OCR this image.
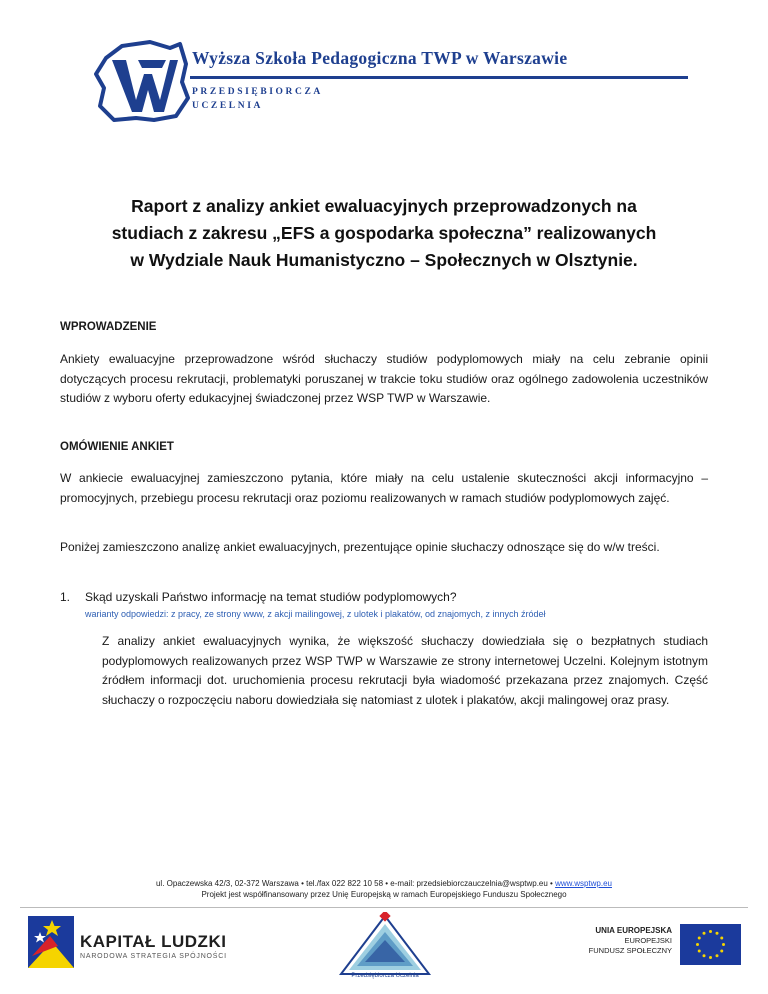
Wyższa Szkoła Pedagogiczna TWP w Warszawie
PRZEDSIĘBIORCZA
UCZELNIA
Raport z analizy ankiet ewaluacyjnych przeprowadzonych na
studiach z zakresu „EFS a gospodarka społeczna” realizowanych
w Wydziale Nauk Humanistyczno – Społecznych w Olsztynie.

WPROWADZENIE

Ankiety ewaluacyjne przeprowadzone wśród słuchaczy studiów podyplomowych miały na celu zebranie opinii dotyczących procesu rekrutacji, problematyki poruszanej w trakcie toku studiów oraz ogólnego zadowolenia uczestników studiów z wyboru oferty edukacyjnej świadczonej przez WSP TWP w Warszawie.

OMÓWIENIE ANKIET

W ankiecie ewaluacyjnej zamieszczono pytania, które miały na celu ustalenie skuteczności akcji informacyjno – promocyjnych, przebiegu procesu rekrutacji oraz poziomu realizowanych w ramach studiów podyplomowych zajęć.

Poniżej zamieszczono analizę ankiet ewaluacyjnych, prezentujące opinie słuchaczy odnoszące się do w/w treści.

1. Skąd uzyskali Państwo informację na temat studiów podyplomowych?
warianty odpowiedzi: z pracy, ze strony www, z akcji mailingowej, z ulotek i plakatów, od znajomych, z innych źródeł

Z analizy ankiet ewaluacyjnych wynika, że większość słuchaczy dowiedziała się o bezpłatnych studiach podyplomowych realizowanych przez WSP TWP w Warszawie ze strony internetowej Uczelni. Kolejnym istotnym źródłem informacji dot. uruchomienia procesu rekrutacji była wiadomość przekazana przez znajomych. Część słuchaczy o rozpoczęciu naboru dowiedziała się natomiast z ulotek i plakatów, akcji malingowej oraz prasy.

ul. Opaczewska 42/3, 02-372 Warszawa • tel./fax 022 822 10 58 • e-mail: przedsiebiorczauczelnia@wsptwp.eu • www.wsptwp.eu
Projekt jest współfinansowany przez Unię Europejską w ramach Europejskiego Funduszu Społecznego
KAPITAŁ LUDZKI
NARODOWA STRATEGIA SPÓJNOŚCI
Przedsiębiorcza Uczelnia
UNIA EUROPEJSKA
EUROPEJSKI
FUNDUSZ SPOŁECZNY
